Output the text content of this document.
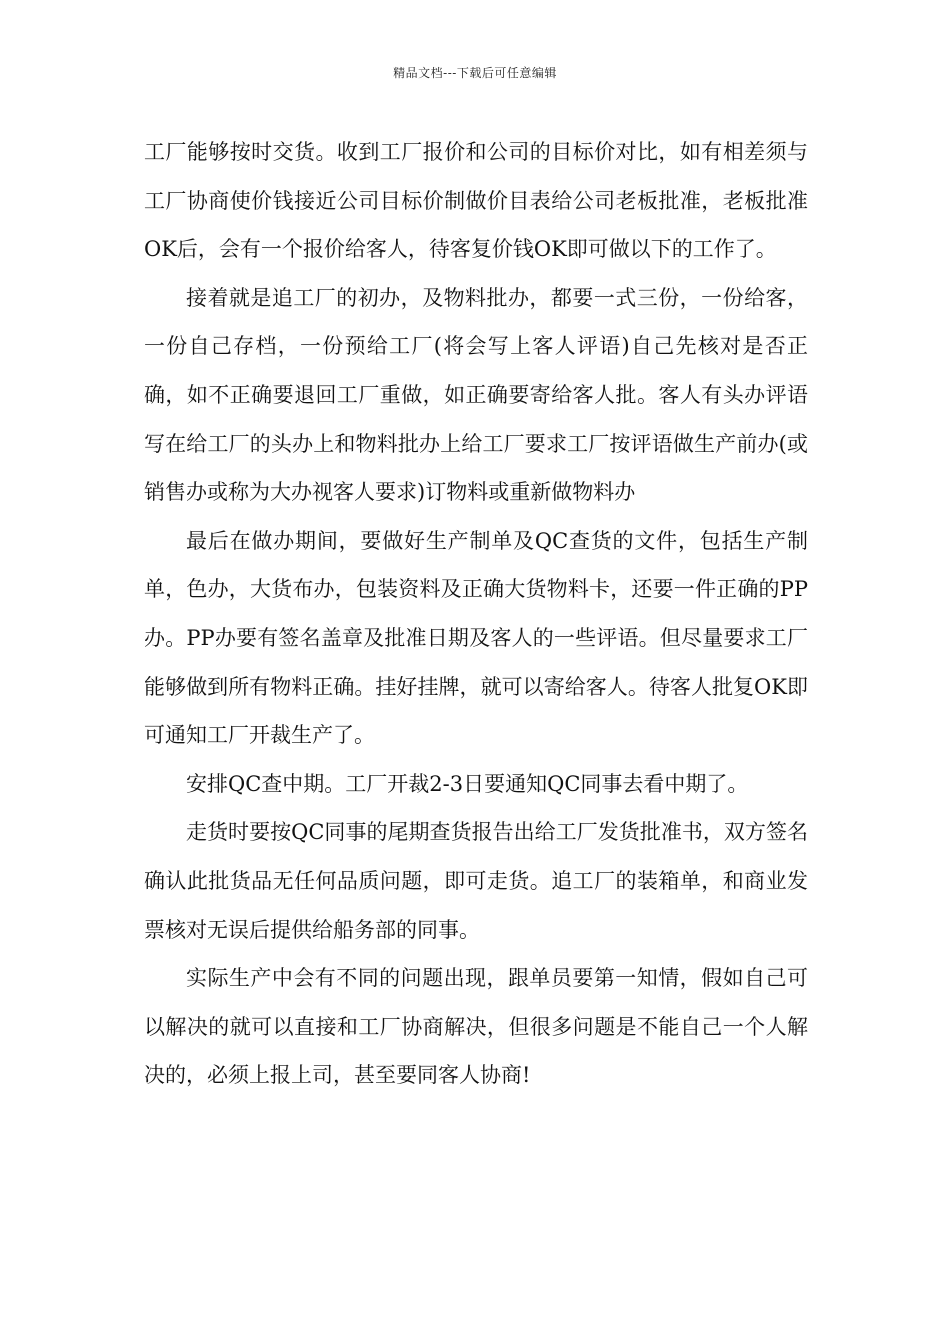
精品文档---下载后可任意编辑

工厂能够按时交货。收到工厂报价和公司的目标价对比，如有相差须与工厂协商使价钱接近公司目标价制做价目表给公司老板批准，老板批准OK后，会有一个报价给客人，待客复价钱OK即可做以下的工作了。

接着就是追工厂的初办，及物料批办，都要一式三份，一份给客，一份自己存档，一份预给工厂(将会写上客人评语)自己先核对是否正确，如不正确要退回工厂重做，如正确要寄给客人批。客人有头办评语写在给工厂的头办上和物料批办上给工厂要求工厂按评语做生产前办(或销售办或称为大办视客人要求)订物料或重新做物料办

最后在做办期间，要做好生产制单及QC查货的文件，包括生产制单，色办，大货布办，包装资料及正确大货物料卡，还要一件正确的PP办。PP办要有签名盖章及批准日期及客人的一些评语。但尽量要求工厂能够做到所有物料正确。挂好挂牌，就可以寄给客人。待客人批复OK即可通知工厂开裁生产了。

安排QC查中期。工厂开裁2-3日要通知QC同事去看中期了。

走货时要按QC同事的尾期查货报告出给工厂发货批准书，双方签名确认此批货品无任何品质问题，即可走货。追工厂的装箱单，和商业发票核对无误后提供给船务部的同事。

实际生产中会有不同的问题出现，跟单员要第一知情，假如自己可以解决的就可以直接和工厂协商解决，但很多问题是不能自己一个人解决的，必须上报上司，甚至要同客人协商!
